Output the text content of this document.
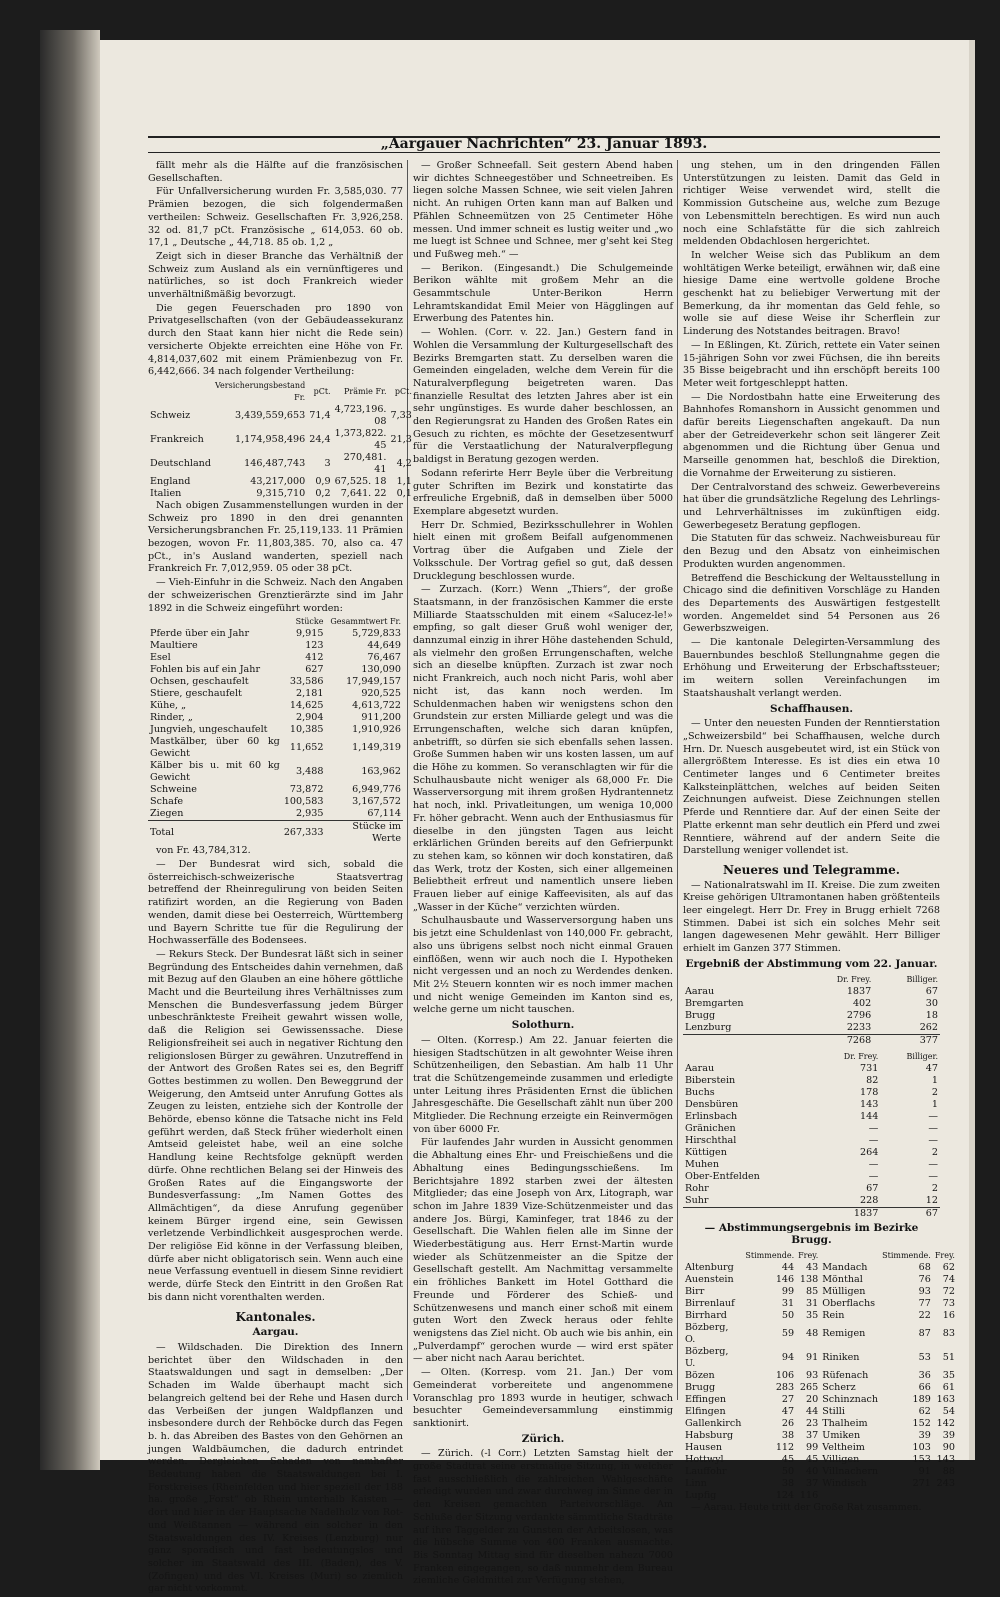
„Aargauer Nachrichten“ 23. Januar 1893.

fällt mehr als die Hälfte auf die französischen Gesellschaften.

Für Unfallversicherung wurden Fr. 3,585,030. 77 Prämien bezogen, die sich folgendermaßen vertheilen: Schweiz. Gesellschaften Fr. 3,926,258. 32 od. 81,7 pCt. Französische „ 614,053. 60 ob. 17,1 „ Deutsche „ 44,718. 85 ob. 1,2 „

Zeigt sich in dieser Branche das Verhältniß der Schweiz zum Ausland als ein vernünftigeres und natürliches, so ist doch Frankreich wieder unverhältnißmäßig bevorzugt.

Die gegen Feuerschaden pro 1890 von Privatgesellschaften (von der Gebäudeassekuranz durch den Staat kann hier nicht die Rede sein) versicherte Objekte erreichten eine Höhe von Fr. 4,814,037,602 mit einem Prämienbezug von Fr. 6,442,666. 34 nach folgender Vertheilung:

	Versicherungsbestand Fr.	pCt.	Prämie Fr.	pCt.
Schweiz	3,439,559,653	71,4	4,723,196. 08	7,33
Frankreich	1,174,958,496	24,4	1,373,822. 45	21,3
Deutschland	146,487,743	3	270,481. 41	4,2
England	43,217,000	0,9	67,525. 18	1,1
Italien	9,315,710	0,2	7,641. 22	0,1

Nach obigen Zusammenstellungen wurden in der Schweiz pro 1890 in den drei genannten Versicherungsbranchen Fr. 25,119,133. 11 Prämien bezogen, wovon Fr. 11,803,385. 70, also ca. 47 pCt., in's Ausland wanderten, speziell nach Frankreich Fr. 7,012,959. 05 oder 38 pCt.

— Vieh-Einfuhr in die Schweiz. Nach den Angaben der schweizerischen Grenztierärzte sind im Jahr 1892 in die Schweiz eingeführt worden:

	Stücke	Gesammtwert Fr.
Pferde über ein Jahr	9,915	5,729,833
Maultiere	123	44,649
Esel	412	76,467
Fohlen bis auf ein Jahr	627	130,090
Ochsen, geschaufelt	33,586	17,949,157
Stiere, geschaufelt	2,181	920,525
Kühe, „	14,625	4,613,722
Rinder, „	2,904	911,200
Jungvieh, ungeschaufelt	10,385	1,910,926
Mastkälber, über 60 kg Gewicht	11,652	1,149,319
Kälber bis u. mit 60 kg Gewicht	3,488	163,962
Schweine	73,872	6,949,776
Schafe	100,583	3,167,572
Ziegen	2,935	67,114
Total	267,333	Stücke im Werte

von Fr. 43,784,312.

— Der Bundesrat wird sich, sobald die österreichisch-schweizerische Staatsvertrag betreffend der Rheinregulirung von beiden Seiten ratifizirt worden, an die Regierung von Baden wenden, damit diese bei Oesterreich, Württemberg und Bayern Schritte tue für die Regulirung der Hochwasserfälle des Bodensees.

— Rekurs Steck. Der Bundesrat läßt sich in seiner Begründung des Entscheides dahin vernehmen, daß mit Bezug auf den Glauben an eine höhere göttliche Macht und die Beurteilung ihres Verhältnisses zum Menschen die Bundesverfassung jedem Bürger unbeschränkteste Freiheit gewahrt wissen wolle, daß die Religion sei Gewissenssache. Diese Religionsfreiheit sei auch in negativer Richtung den religionslosen Bürger zu gewähren. Unzutreffend in der Antwort des Großen Rates sei es, den Begriff Gottes bestimmen zu wollen. Den Beweggrund der Weigerung, den Amtseid unter Anrufung Gottes als Zeugen zu leisten, entziehe sich der Kontrolle der Behörde, ebenso könne die Tatsache nicht ins Feld geführt werden, daß Steck früher wiederholt einen Amtseid geleistet habe, weil an eine solche Handlung keine Rechtsfolge geknüpft werden dürfe. Ohne rechtlichen Belang sei der Hinweis des Großen Rates auf die Eingangsworte der Bundesverfassung: „Im Namen Gottes des Allmächtigen“, da diese Anrufung gegenüber keinem Bürger irgend eine, sein Gewissen verletzende Verbindlichkeit ausgesprochen werde. Der religiöse Eid könne in der Verfassung bleiben, dürfe aber nicht obligatorisch sein. Wenn auch eine neue Verfassung eventuell in diesem Sinne revidiert werde, dürfe Steck den Eintritt in den Großen Rat bis dann nicht vorenthalten werden.

Kantonales.
Aargau.

— Wildschaden. Die Direktion des Innern berichtet über den Wildschaden in den Staatswaldungen und sagt in demselben: „Der Schaden im Walde überhaupt macht sich belangreich geltend bei der Rehe und Hasen durch das Verbeißen der jungen Waldpflanzen und insbesondere durch der Rehböcke durch das Fegen b. h. das Abreiben des Bastes von den Gehörnen an jungen Waldbäumchen, die dadurch entrindet werden. Dergleichen Schaden von namhafter Bedeutung haben die Staatswaldungen bei I. Forstkreises (Rheinfelden und hier speziell der 188 ha. große „Forst“ ob Rhein unterhalb Kaisten — dort und hier in der Hauptsache Nadelholz von Rot- und Weißtannen — während ein solcher in den Staatswaldungen des IV. Kreises (Lenzburg) nur ganz sporadisch und fast bedeutungslos und solcher im Staatswald des III. (Baden), des V. (Zofingen) und des VI. Kreises (Muri) so ziemlich gar nicht vorkommt.

— Großer Schneefall. Seit gestern Abend haben wir dichtes Schneegestöber und Schneetreiben. Es liegen solche Massen Schnee, wie seit vielen Jahren nicht. An ruhigen Orten kann man auf Balken und Pfählen Schneemützen von 25 Centimeter Höhe messen. Und immer schneit es lustig weiter und „wo me luegt ist Schnee und Schnee, mer g'seht kei Steg und Fußweg meh.“ —

— Berikon. (Eingesandt.) Die Schulgemeinde Berikon wählte mit großem Mehr an die Gesammtschule Unter-Berikon Herrn Lehramtskandidat Emil Meier von Hägglingen auf Erwerbung des Patentes hin.

— Wohlen. (Corr. v. 22. Jan.) Gestern fand in Wohlen die Versammlung der Kulturgesellschaft des Bezirks Bremgarten statt. Zu derselben waren die Gemeinden eingeladen, welche dem Verein für die Naturalverpflegung beigetreten waren. Das finanzielle Resultat des letzten Jahres aber ist ein sehr ungünstiges. Es wurde daher beschlossen, an den Regierungsrat zu Handen des Großen Rates ein Gesuch zu richten, es möchte der Gesetzesentwurf für die Verstaatlichung der Naturalverpflegung baldigst in Beratung gezogen werden.

Sodann referirte Herr Beyle über die Verbreitung guter Schriften im Bezirk und konstatirte das erfreuliche Ergebniß, daß in demselben über 5000 Exemplare abgesetzt wurden.

Herr Dr. Schmied, Bezirksschullehrer in Wohlen hielt einen mit großem Beifall aufgenommenen Vortrag über die Aufgaben und Ziele der Volksschule. Der Vortrag gefiel so gut, daß dessen Drucklegung beschlossen wurde.

— Zurzach. (Korr.) Wenn „Thiers“, der große Staatsmann, in der französischen Kammer die erste Milliarde Staatsschulden mit einem «Salucez-le!» empfing, so galt dieser Gruß wohl weniger der, dannzumal einzig in ihrer Höhe dastehenden Schuld, als vielmehr den großen Errungenschaften, welche sich an dieselbe knüpften. Zurzach ist zwar noch nicht Frankreich, auch noch nicht Paris, wohl aber nicht ist, das kann noch werden. Im Schuldenmachen haben wir wenigstens schon den Grundstein zur ersten Milliarde gelegt und was die Errungenschaften, welche sich daran knüpfen, anbetrifft, so dürfen sie sich ebenfalls sehen lassen. Große Summen haben wir uns kosten lassen, um auf die Höhe zu kommen. So veranschlagten wir für die Schulhausbaute nicht weniger als 68,000 Fr. Die Wasserversorgung mit ihrem großen Hydrantennetz hat noch, inkl. Privatleitungen, um weniga 10,000 Fr. höher gebracht. Wenn auch der Enthusiasmus für dieselbe in den jüngsten Tagen aus leicht erklärlichen Gründen bereits auf den Gefrierpunkt zu stehen kam, so können wir doch konstatiren, daß das Werk, trotz der Kosten, sich einer allgemeinen Beliebtheit erfreut und namentlich unsere lieben Frauen lieber auf einige Kaffeevisiten, als auf das „Wasser in der Küche“ verzichten würden.

Schulhausbaute und Wasserversorgung haben uns bis jetzt eine Schuldenlast von 140,000 Fr. gebracht, also uns übrigens selbst noch nicht einmal Grauen einflößen, wenn wir auch noch die I. Hypotheken nicht vergessen und an noch zu Werdendes denken. Mit 2½ Steuern konnten wir es noch immer machen und nicht wenige Gemeinden im Kanton sind es, welche gerne um nicht tauschen.

Solothurn.

— Olten. (Korresp.) Am 22. Januar feierten die hiesigen Stadtschützen in alt gewohnter Weise ihren Schützenheiligen, den Sebastian. Am halb 11 Uhr trat die Schützengemeinde zusammen und erledigte unter Leitung ihres Präsidenten Ernst die üblichen Jahresgeschäfte. Die Gesellschaft zählt nun über 200 Mitglieder. Die Rechnung erzeigte ein Reinvermögen von über 6000 Fr.

Für laufendes Jahr wurden in Aussicht genommen die Abhaltung eines Ehr- und Freischießens und die Abhaltung eines Bedingungsschießens. Im Berichtsjahre 1892 starben zwei der ältesten Mitglieder; das eine Joseph von Arx, Litograph, war schon im Jahre 1839 Vize-Schützenmeister und das andere Jos. Bürgi, Kaminfeger, trat 1846 zu der Gesellschaft. Die Wahlen fielen alle im Sinne der Wiederbestätigung aus. Herr Ernst-Martin wurde wieder als Schützenmeister an die Spitze der Gesellschaft gestellt. Am Nachmittag versammelte ein fröhliches Bankett im Hotel Gotthard die Freunde und Förderer des Schieß- und Schützenwesens und manch einer schoß mit einem guten Wort den Zweck heraus oder fehlte wenigstens das Ziel nicht. Ob auch wie bis anhin, ein „Pulverdampf“ gerochen wurde — wird erst später — aber nicht nach Aarau berichtet.

— Olten. (Korresp. vom 21. Jan.) Der vom Gemeinderat vorbereitete und angenommene Voranschlag pro 1893 wurde in heutiger, schwach besuchter Gemeindeversammlung einstimmig sanktionirt.

Zürich.

— Zürich. (-l Corr.) Letzten Samstag hielt der große Stadtrat seine erstmalige Sitzung, in welcher fast ausschließlich die zahlreichen Wahlgeschäfte erledigt wurden und zwar durchweg im Sinne der in den Kreisen gemachten Parteivorschläge. Am Schluße der Sitzung verdankte sämmtliche Stadträte auf ihre Taggelder zu Gunsten der Arbeitslosen, was die hübsche Summe von 400 Franken ausmachte. Bis Sonntag Mittag sind für dieselben nahezu 7000 Franken eingegangen, so daß nunmehr dem Bureau ziemliche Geldmittel zur Verfügung stehen,

ung stehen, um in den dringenden Fällen Unterstützungen zu leisten. Damit das Geld in richtiger Weise verwendet wird, stellt die Kommission Gutscheine aus, welche zum Bezuge von Lebensmitteln berechtigen. Es wird nun auch noch eine Schlafstätte für die sich zahlreich meldenden Obdachlosen hergerichtet.

In welcher Weise sich das Publikum an dem wohltätigen Werke beteiligt, erwähnen wir, daß eine hiesige Dame eine wertvolle goldene Broche geschenkt hat zu beliebiger Verwertung mit der Bemerkung, da ihr momentan das Geld fehle, so wolle sie auf diese Weise ihr Scherflein zur Linderung des Notstandes beitragen. Bravo!

— In Eßlingen, Kt. Zürich, rettete ein Vater seinen 15-jährigen Sohn vor zwei Füchsen, die ihn bereits 35 Bisse beigebracht und ihn erschöpft bereits 100 Meter weit fortgeschleppt hatten.

— Die Nordostbahn hatte eine Erweiterung des Bahnhofes Romanshorn in Aussicht genommen und dafür bereits Liegenschaften angekauft. Da nun aber der Getreideverkehr schon seit längerer Zeit abgenommen und die Richtung über Genua und Marseille genommen hat, beschloß die Direktion, die Vornahme der Erweiterung zu sistieren.

Der Centralvorstand des schweiz. Gewerbevereins hat über die grundsätzliche Regelung des Lehrlings- und Lehrverhältnisses im zukünftigen eidg. Gewerbegesetz Beratung gepflogen.

Die Statuten für das schweiz. Nachweisbureau für den Bezug und den Absatz von einheimischen Produkten wurden angenommen.

Betreffend die Beschickung der Weltausstellung in Chicago sind die definitiven Vorschläge zu Handen des Departements des Auswärtigen festgestellt worden. Angemeldet sind 54 Personen aus 26 Gewerbszweigen.

— Die kantonale Delegirten-Versammlung des Bauernbundes beschloß Stellungnahme gegen die Erhöhung und Erweiterung der Erbschaftssteuer; im weitern sollen Vereinfachungen im Staatshaushalt verlangt werden.

Schaffhausen.

— Unter den neuesten Funden der Renntierstation „Schweizersbild“ bei Schaffhausen, welche durch Hrn. Dr. Nuesch ausgebeutet wird, ist ein Stück von allergrößtem Interesse. Es ist dies ein etwa 10 Centimeter langes und 6 Centimeter breites Kalksteinplättchen, welches auf beiden Seiten Zeichnungen aufweist. Diese Zeichnungen stellen Pferde und Renntiere dar. Auf der einen Seite der Platte erkennt man sehr deutlich ein Pferd und zwei Renntiere, während auf der andern Seite die Darstellung weniger vollendet ist.

Neueres und Telegramme.

— Nationalratswahl im II. Kreise. Die zum zweiten Kreise gehörigen Ultramontanen haben größtenteils leer eingelegt. Herr Dr. Frey in Brugg erhielt 7268 Stimmen. Dabei ist sich ein solches Mehr seit langen dagewesenen Mehr gewählt. Herr Billiger erhielt im Ganzen 377 Stimmen.

Ergebniß der Abstimmung vom 22. Januar.
	Dr. Frey.	Billiger.
Aarau	1837	67
Bremgarten	402	30
Brugg	2796	18
Lenzburg	2233	262
	7268	377
	Dr. Frey.	Billiger.
Aarau	731	47
Biberstein	82	1
Buchs	178	2
Densbüren	143	1
Erlinsbach	144	—
Gränichen	—	—
Hirschthal	—	—
Küttigen	264	2
Muhen	—	—
Ober-Entfelden	—	—
Rohr	67	2
Suhr	228	12
	1837	67
— Abstimmungsergebnis im Bezirke Brugg.
	Stimmende.	Frey.		Stimmende.	Frey.
Altenburg	44	43	Mandach	68	62
Auenstein	146	138	Mönthal	76	74
Birr	99	85	Mülligen	93	72
Birrenlauf	31	31	Oberflachs	77	73
Birrhard	50	35	Rein	22	16
Bözberg, O.	59	48	Remigen	87	83
Bözberg, U.	94	91	Riniken	53	51
Bözen	106	93	Rüfenach	36	35
Brugg	283	265	Scherz	66	61
Effingen	27	20	Schinznach	189	163
Elfingen	47	44	Stilli	62	54
Gallenkirch	26	23	Thalheim	152	142
Habsburg	38	37	Umiken	39	39
Hausen	112	99	Veltheim	103	90
Hottwyl	45	45	Villigen	153	143
Lauffohr	50	40	Villnachern	91	88
Linn	38	37	Windisch	271	243
Lupfig	124	116			

— Aarau. Heute tritt der Große Rat zusammen.
